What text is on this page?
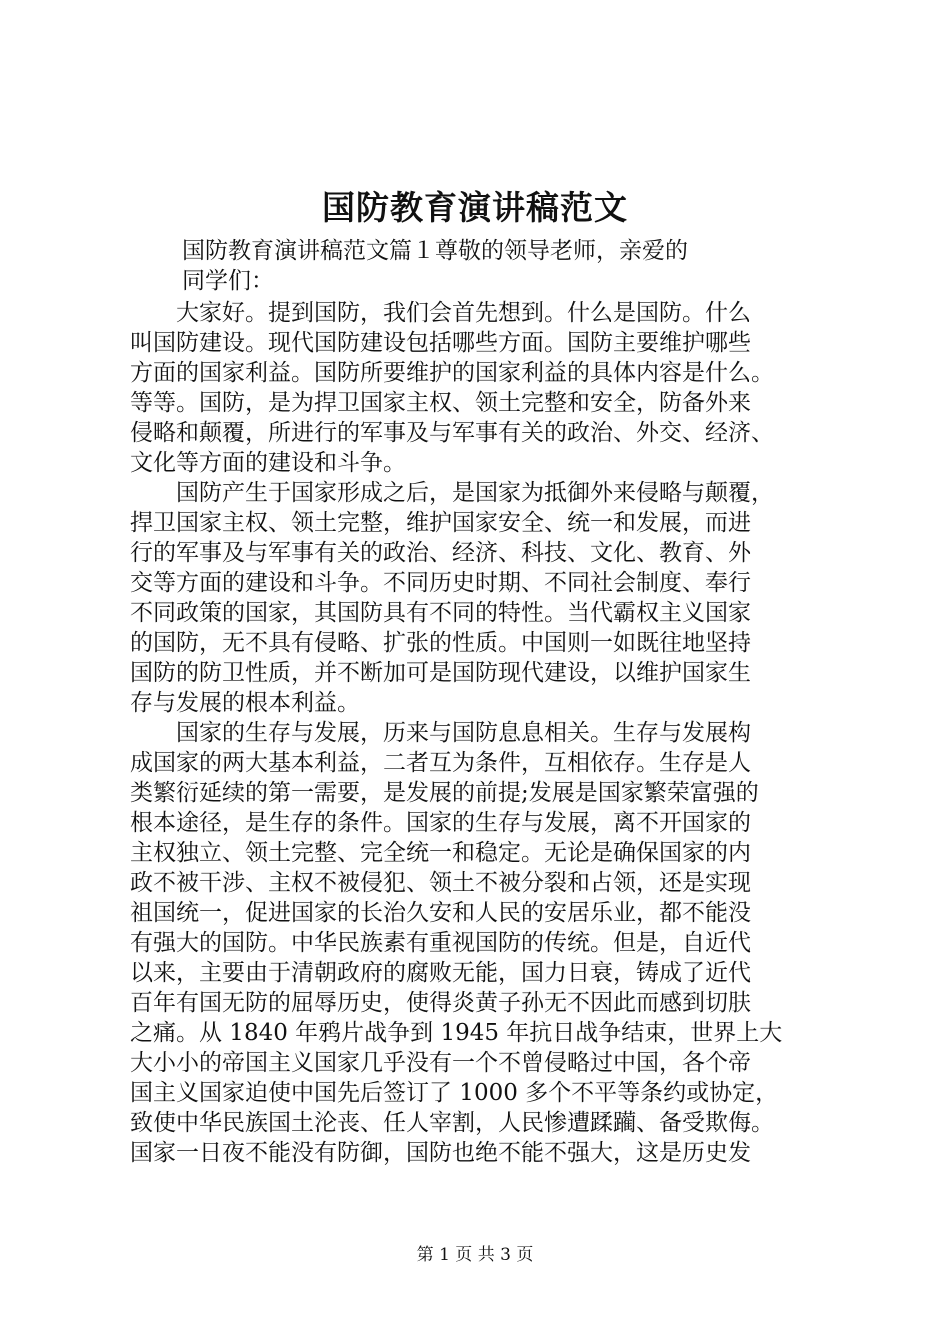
国防教育演讲稿范文
国防教育演讲稿范文篇１尊敬的领导老师，亲爱的
同学们：
　　大家好。提到国防，我们会首先想到。什么是国防。什么
叫国防建设。现代国防建设包括哪些方面。国防主要维护哪些
方面的国家利益。国防所要维护的国家利益的具体内容是什么。
等等。国防，是为捍卫国家主权、领土完整和安全，防备外来
侵略和颠覆，所进行的军事及与军事有关的政治、外交、经济、
文化等方面的建设和斗争。
　　国防产生于国家形成之后，是国家为抵御外来侵略与颠覆，
捍卫国家主权、领土完整，维护国家安全、统一和发展，而进
行的军事及与军事有关的政治、经济、科技、文化、教育、外
交等方面的建设和斗争。不同历史时期、不同社会制度、奉行
不同政策的国家，其国防具有不同的特性。当代霸权主义国家
的国防，无不具有侵略、扩张的性质。中国则一如既往地坚持
国防的防卫性质，并不断加可是国防现代建设，以维护国家生
存与发展的根本利益。
　　国家的生存与发展，历来与国防息息相关。生存与发展构
成国家的两大基本利益，二者互为条件，互相依存。生存是人
类繁衍延续的第一需要，是发展的前提;发展是国家繁荣富强的
根本途径，是生存的条件。国家的生存与发展，离不开国家的
主权独立、领土完整、完全统一和稳定。无论是确保国家的内
政不被干涉、主权不被侵犯、领土不被分裂和占领，还是实现
祖国统一，促进国家的长治久安和人民的安居乐业，都不能没
有强大的国防。中华民族素有重视国防的传统。但是，自近代
以来，主要由于清朝政府的腐败无能，国力日衰，铸成了近代
百年有国无防的屈辱历史，使得炎黄子孙无不因此而感到切肤
之痛。从 1840 年鸦片战争到 1945 年抗日战争结束，世界上大
大小小的帝国主义国家几乎没有一个不曾侵略过中国，各个帝
国主义国家迫使中国先后签订了 1000 多个不平等条约或协定，
致使中华民族国土沦丧、任人宰割，人民惨遭蹂躏、备受欺侮。
国家一日夜不能没有防御，国防也绝不能不强大，这是历史发
第 1 页 共 3 页
